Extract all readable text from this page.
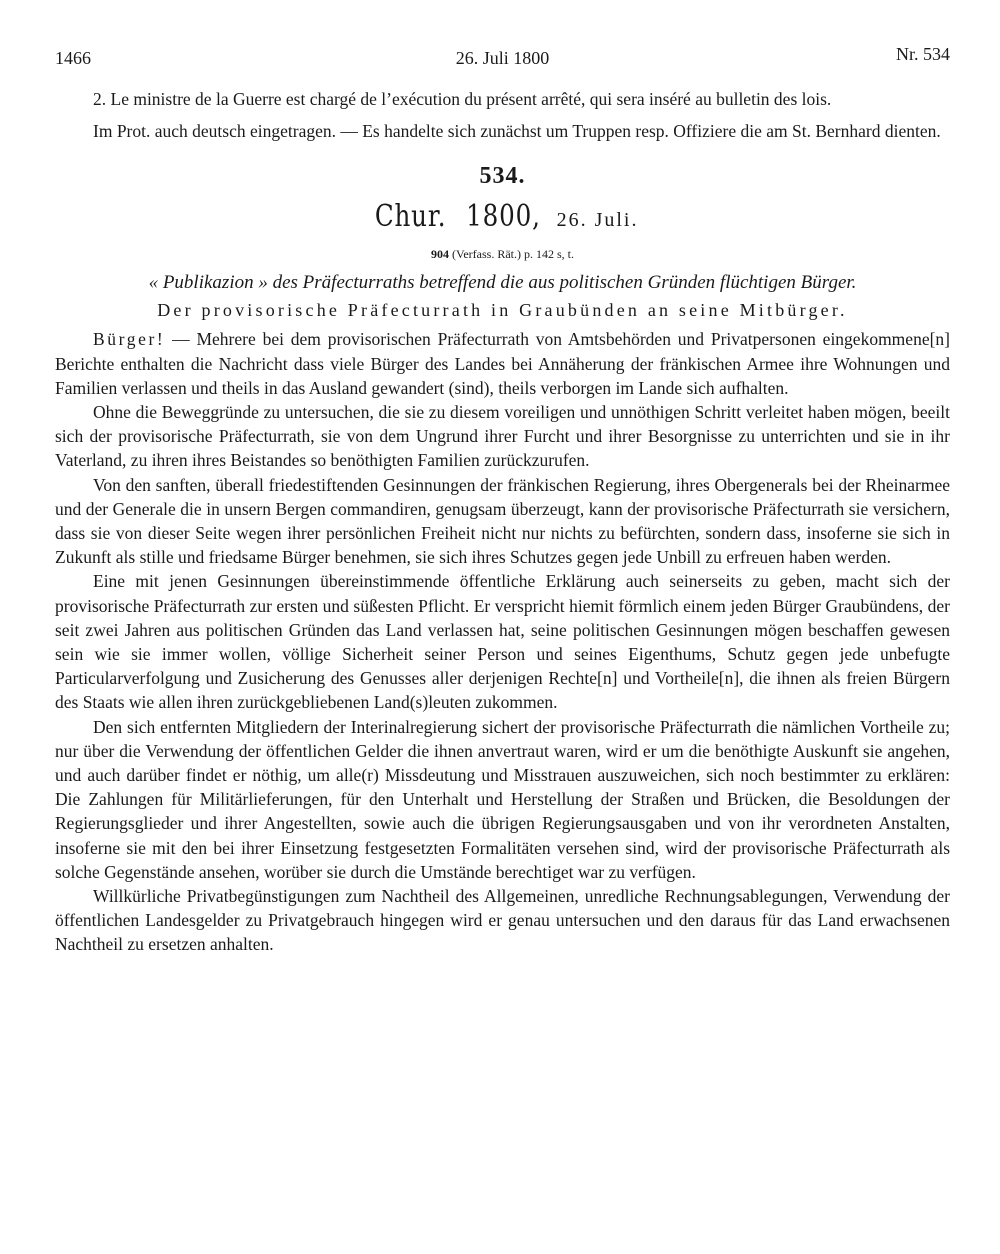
1466	26. Juli 1800	Nr. 534

2. Le ministre de la Guerre est chargé de l’exécution du présent arrêté, qui sera inséré au bulletin des lois.

Im Prot. auch deutsch eingetragen. — Es handelte sich zunächst um Truppen resp. Offiziere die am St. Bernhard dienten.

534.
Chur. 1800, 26. Juli.
904 (Verfass. Rät.) p. 142 s, t.
« Publikazion » des Präfecturraths betreffend die aus politischen Gründen flüchtigen Bürger.
Der provisorische Präfecturrath in Graubünden an seine Mitbürger.

Bürger! — Mehrere bei dem provisorischen Präfecturrath von Amtsbehörden und Privatpersonen eingekommene[n] Berichte enthalten die Nachricht dass viele Bürger des Landes bei Annäherung der fränkischen Armee ihre Wohnungen und Familien verlassen und theils in das Ausland gewandert (sind), theils verborgen im Lande sich aufhalten.

Ohne die Beweggründe zu untersuchen, die sie zu diesem voreiligen und unnöthigen Schritt verleitet haben mögen, beeilt sich der provisorische Präfecturrath, sie von dem Ungrund ihrer Furcht und ihrer Besorgnisse zu unterrichten und sie in ihr Vaterland, zu ihren ihres Beistandes so benöthigten Familien zurückzurufen.

Von den sanften, überall friedestiftenden Gesinnungen der fränkischen Regierung, ihres Obergenerals bei der Rheinarmee und der Generale die in unsern Bergen commandiren, genugsam überzeugt, kann der provisorische Präfecturrath sie versichern, dass sie von dieser Seite wegen ihrer persönlichen Freiheit nicht nur nichts zu befürchten, sondern dass, insoferne sie sich in Zukunft als stille und friedsame Bürger benehmen, sie sich ihres Schutzes gegen jede Unbill zu erfreuen haben werden.

Eine mit jenen Gesinnungen übereinstimmende öffentliche Erklärung auch seinerseits zu geben, macht sich der provisorische Präfecturrath zur ersten und süßesten Pflicht. Er verspricht hiemit förmlich einem jeden Bürger Graubündens, der seit zwei Jahren aus politischen Gründen das Land verlassen hat, seine politischen Gesinnungen mögen beschaffen gewesen sein wie sie immer wollen, völlige Sicherheit seiner Person und seines Eigenthums, Schutz gegen jede unbefugte Particularverfolgung und Zusicherung des Genusses aller derjenigen Rechte[n] und Vortheile[n], die ihnen als freien Bürgern des Staats wie allen ihren zurückgebliebenen Land(s)leuten zukommen.

Den sich entfernten Mitgliedern der Interinalregierung sichert der provisorische Präfecturrath die nämlichen Vortheile zu; nur über die Verwendung der öffentlichen Gelder die ihnen anvertraut waren, wird er um die benöthigte Auskunft sie angehen, und auch darüber findet er nöthig, um alle(r) Missdeutung und Misstrauen auszuweichen, sich noch bestimmter zu erklären: Die Zahlungen für Militärlieferungen, für den Unterhalt und Herstellung der Straßen und Brücken, die Besoldungen der Regierungsglieder und ihrer Angestellten, sowie auch die übrigen Regierungsausgaben und von ihr verordneten Anstalten, insoferne sie mit den bei ihrer Einsetzung festgesetzten Formalitäten versehen sind, wird der provisorische Präfecturrath als solche Gegenstände ansehen, worüber sie durch die Umstände berechtiget war zu verfügen.

Willkürliche Privatbegünstigungen zum Nachtheil des Allgemeinen, unredliche Rechnungsablegungen, Verwendung der öffentlichen Landesgelder zu Privatgebrauch hingegen wird er genau untersuchen und den daraus für das Land erwachsenen Nachtheil zu ersetzen anhalten.
